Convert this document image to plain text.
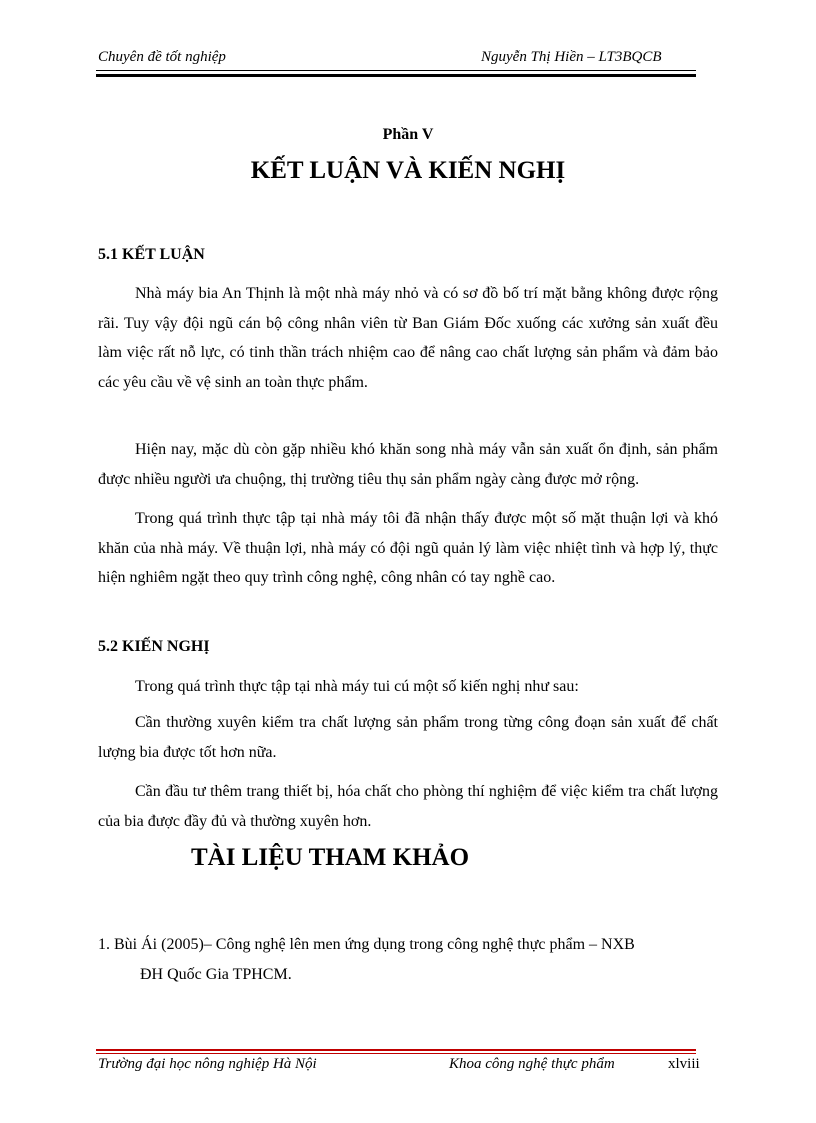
Chuyên đề tốt nghiệp	Nguyễn Thị Hiền – LT3BQCB
Phần V
KẾT LUẬN VÀ KIẾN NGHỊ
5.1 KẾT LUẬN
Nhà máy bia An Thịnh là một nhà máy nhỏ và có sơ đồ bố trí mặt bằng không được rộng rãi. Tuy vậy đội ngũ cán bộ công nhân viên từ Ban Giám Đốc xuống các xưởng sản xuất đều làm việc rất nỗ lực, có tinh thần trách nhiệm cao để nâng cao chất lượng sản phẩm và đảm bảo các yêu cầu về vệ sinh an toàn thực phẩm.
Hiện nay, mặc dù còn gặp nhiều khó khăn song nhà máy vẫn sản xuất ổn định, sản phẩm được nhiều người ưa chuộng, thị trường tiêu thụ sản phẩm ngày càng được mở rộng.
Trong quá trình thực tập tại nhà máy tôi đã nhận thấy được một số mặt thuận lợi và khó khăn của nhà máy. Về thuận lợi, nhà máy có đội ngũ quản lý làm việc nhiệt tình và hợp lý, thực hiện nghiêm ngặt theo quy trình công nghệ, công nhân có tay nghề cao.
5.2 KIẾN NGHỊ
Trong quá trình thực tập tại nhà máy tui cú một số kiến nghị như sau:
Cần thường xuyên kiểm tra chất lượng sản phẩm trong từng công đoạn sản xuất để chất lượng bia được tốt hơn nữa.
Cần đầu tư thêm trang thiết bị, hóa chất cho phòng thí nghiệm để việc kiểm tra chất lượng của bia được đầy đủ và thường xuyên hơn.
TÀI LIỆU THAM KHẢO
1. Bùi Ái (2005)– Công nghệ lên men ứng dụng trong công nghệ thực phẩm – NXB
ĐH Quốc Gia TPHCM.
Trường đại học nông nghiệp Hà Nội	Khoa công nghệ thực phẩm	xlviii
